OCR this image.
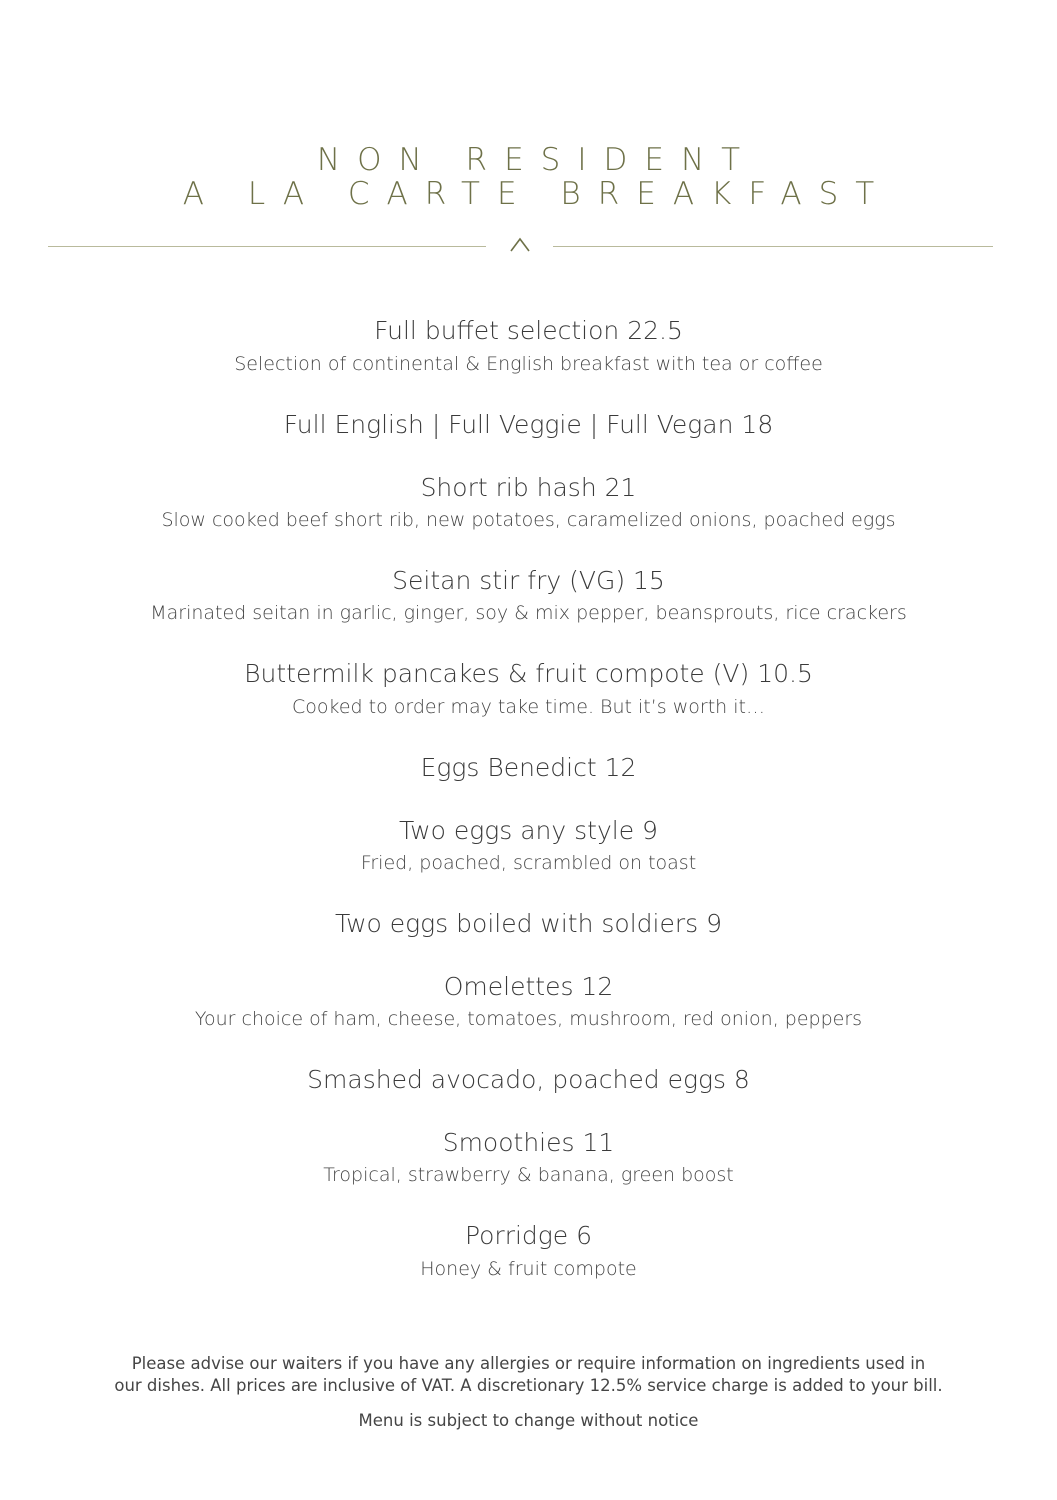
NON RESIDENT
A LA CARTE BREAKFAST
Full buffet selection 22.5
Selection of continental & English breakfast with tea or coffee
Full English | Full Veggie | Full Vegan 18
Short rib hash 21
Slow cooked beef short rib, new potatoes, caramelized onions, poached eggs
Seitan stir fry (VG) 15
Marinated seitan in garlic, ginger, soy & mix pepper, beansprouts, rice crackers
Buttermilk pancakes & fruit compote (V) 10.5
Cooked to order may take time. But it’s worth it…
Eggs Benedict 12
Two eggs any style 9
Fried, poached, scrambled on toast
Two eggs boiled with soldiers 9
Omelettes 12
Your choice of ham, cheese, tomatoes, mushroom, red onion, peppers
Smashed avocado, poached eggs 8
Smoothies 11
Tropical, strawberry & banana, green boost
Porridge 6
Honey & fruit compote
Please advise our waiters if you have any allergies or require information on ingredients used in
our dishes. All prices are inclusive of VAT. A discretionary 12.5% service charge is added to your bill.
Menu is subject to change without notice
